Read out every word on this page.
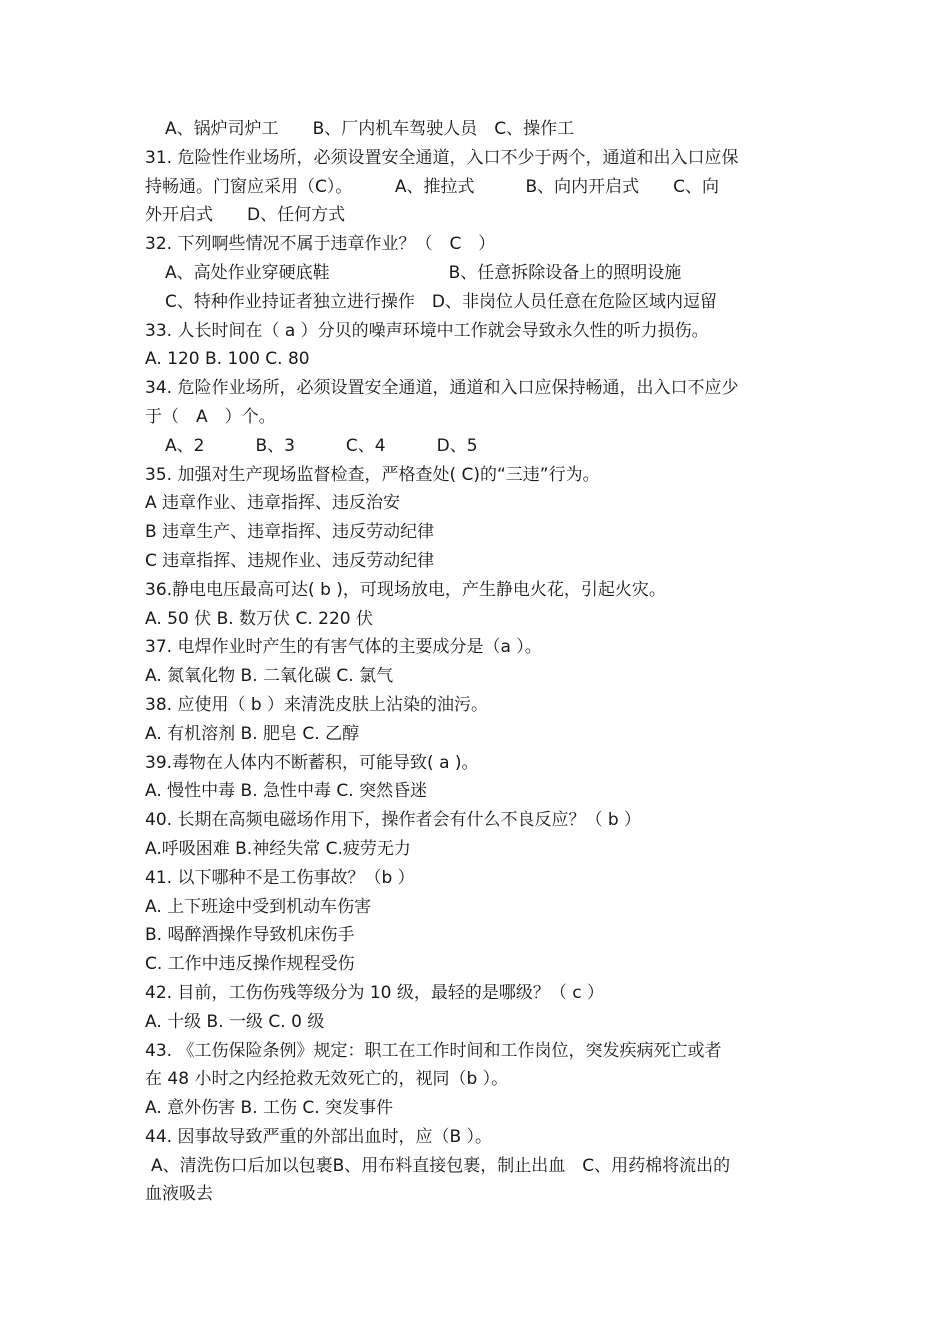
A、锅炉司炉工　　B、厂内机车驾驶人员　C、操作工
31. 危险性作业场所，必须设置安全通道，入口不少于两个，通道和出入口应保
持畅通。门窗应采用（C）。　　　A、推拉式　　　B、向内开启式　　C、向
外开启式　　D、任何方式
32. 下列啊些情况不属于违章作业？（　C　）
A、高处作业穿硬底鞋　　　　　　　B、任意拆除设备上的照明设施
C、特种作业持证者独立进行操作　D、非岗位人员任意在危险区域内逗留
33. 人长时间在（ a ）分贝的噪声环境中工作就会导致永久性的听力损伤。
A. 120 B. 100 C. 80
34. 危险作业场所，必须设置安全通道，通道和入口应保持畅通，出入口不应少
于（　A　）个。
A、2　　　B、3　　　C、4　　　D、5
35. 加强对生产现场监督检查，严格查处( C)的“三违”行为。
A 违章作业、违章指挥、违反治安
B 违章生产、违章指挥、违反劳动纪律
C 违章指挥、违规作业、违反劳动纪律
36.静电电压最高可达( b )，可现场放电，产生静电火花，引起火灾。
A. 50 伏 B. 数万伏 C. 220 伏
37. 电焊作业时产生的有害气体的主要成分是（a ）。
A. 氮氧化物 B. 二氧化碳 C. 氯气
38. 应使用（ b ）来清洗皮肤上沾染的油污。
A. 有机溶剂 B. 肥皂 C. 乙醇
39.毒物在人体内不断蓄积，可能导致( a )。
A. 慢性中毒 B. 急性中毒 C. 突然昏迷
40. 长期在高频电磁场作用下，操作者会有什么不良反应？（ b ）
A.呼吸困难 B.神经失常 C.疲劳无力
41. 以下哪种不是工伤事故？（b ）
A. 上下班途中受到机动车伤害
B. 喝醉酒操作导致机床伤手
C. 工作中违反操作规程受伤
42. 目前，工伤伤残等级分为 10 级，最轻的是哪级？（ c ）
A. 十级 B. 一级 C. 0 级
43. 《工伤保险条例》规定：职工在工作时间和工作岗位，突发疾病死亡或者
在 48 小时之内经抢救无效死亡的，视同（b ）。
A. 意外伤害 B. 工伤 C. 突发事件
44. 因事故导致严重的外部出血时，应（B ）。
A、清洗伤口后加以包裹B、用布料直接包裹，制止出血　C、用药棉将流出的
血液吸去
